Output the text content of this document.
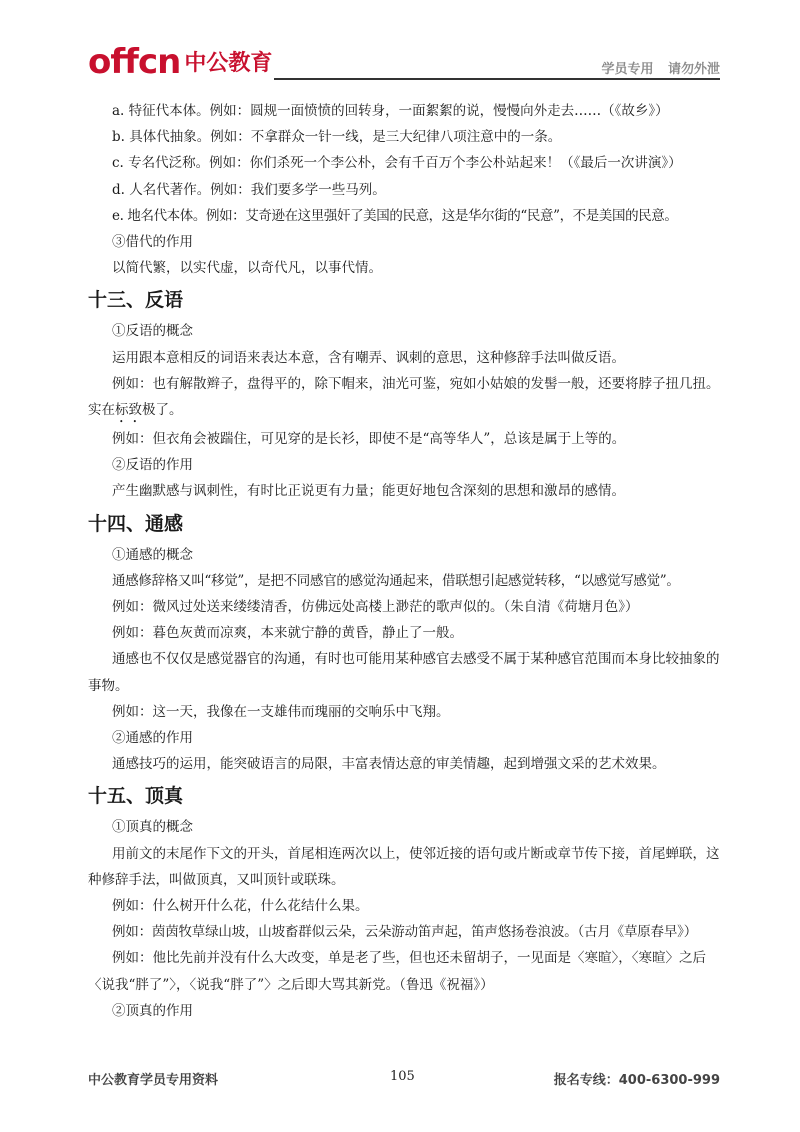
offcn 中公教育	学员专用 请勿外泄
a. 特征代本体。例如：圆规一面愤愤的回转身，一面絮絮的说，慢慢向外走去……（《故乡》）
b. 具体代抽象。例如：不拿群众一针一线，是三大纪律八项注意中的一条。
c. 专名代泛称。例如：你们杀死一个李公朴，会有千百万个李公朴站起来！（《最后一次讲演》）
d. 人名代著作。例如：我们要多学一些马列。
e. 地名代本体。例如：艾奇逊在这里强奸了美国的民意，这是华尔街的“民意”，不是美国的民意。
③借代的作用
以简代繁，以实代虚，以奇代凡，以事代情。
十三、反语
①反语的概念
运用跟本意相反的词语来表达本意，含有嘲弄、讽刺的意思，这种修辞手法叫做反语。
例如：也有解散辫子，盘得平的，除下帽来，油光可鉴，宛如小姑娘的发髻一般，还要将脖子扭几扭。实在标致极了。
例如：但衣角会被踹住，可见穿的是长衫，即使不是“高等华人”，总该是属于上等的。
②反语的作用
产生幽默感与讽刺性，有时比正说更有力量；能更好地包含深刻的思想和激昂的感情。
十四、通感
①通感的概念
通感修辞格又叫“移觉”，是把不同感官的感觉沟通起来，借联想引起感觉转移，“以感觉写感觉”。
例如：微风过处送来缕缕清香，仿佛远处高楼上渺茫的歌声似的。（朱自清《荷塘月色》）
例如：暮色灰黄而凉爽，本来就宁静的黄昏，静止了一般。
通感也不仅仅是感觉器官的沟通，有时也可能用某种感官去感受不属于某种感官范围而本身比较抽象的事物。
例如：这一天，我像在一支雄伟而瑰丽的交响乐中飞翔。
②通感的作用
通感技巧的运用，能突破语言的局限，丰富表情达意的审美情趣，起到增强文采的艺术效果。
十五、顶真
①顶真的概念
用前文的末尾作下文的开头，首尾相连两次以上，使邻近接的语句或片断或章节传下接，首尾蝉联，这种修辞手法，叫做顶真，又叫顶针或联珠。
例如：什么树开什么花，什么花结什么果。
例如：茵茵牧草绿山坡，山坡畜群似云朵，云朵游动笛声起，笛声悠扬卷浪波。（古月《草原春早》）
例如：他比先前并没有什么大改变，单是老了些，但也还未留胡子，一见面是〈寒暄〉，〈寒暄〉之后〈说我“胖了”〉，〈说我“胖了”〉之后即大骂其新党。（鲁迅《祝福》）
②顶真的作用
中公教育学员专用资料	105	报名专线：400-6300-999
